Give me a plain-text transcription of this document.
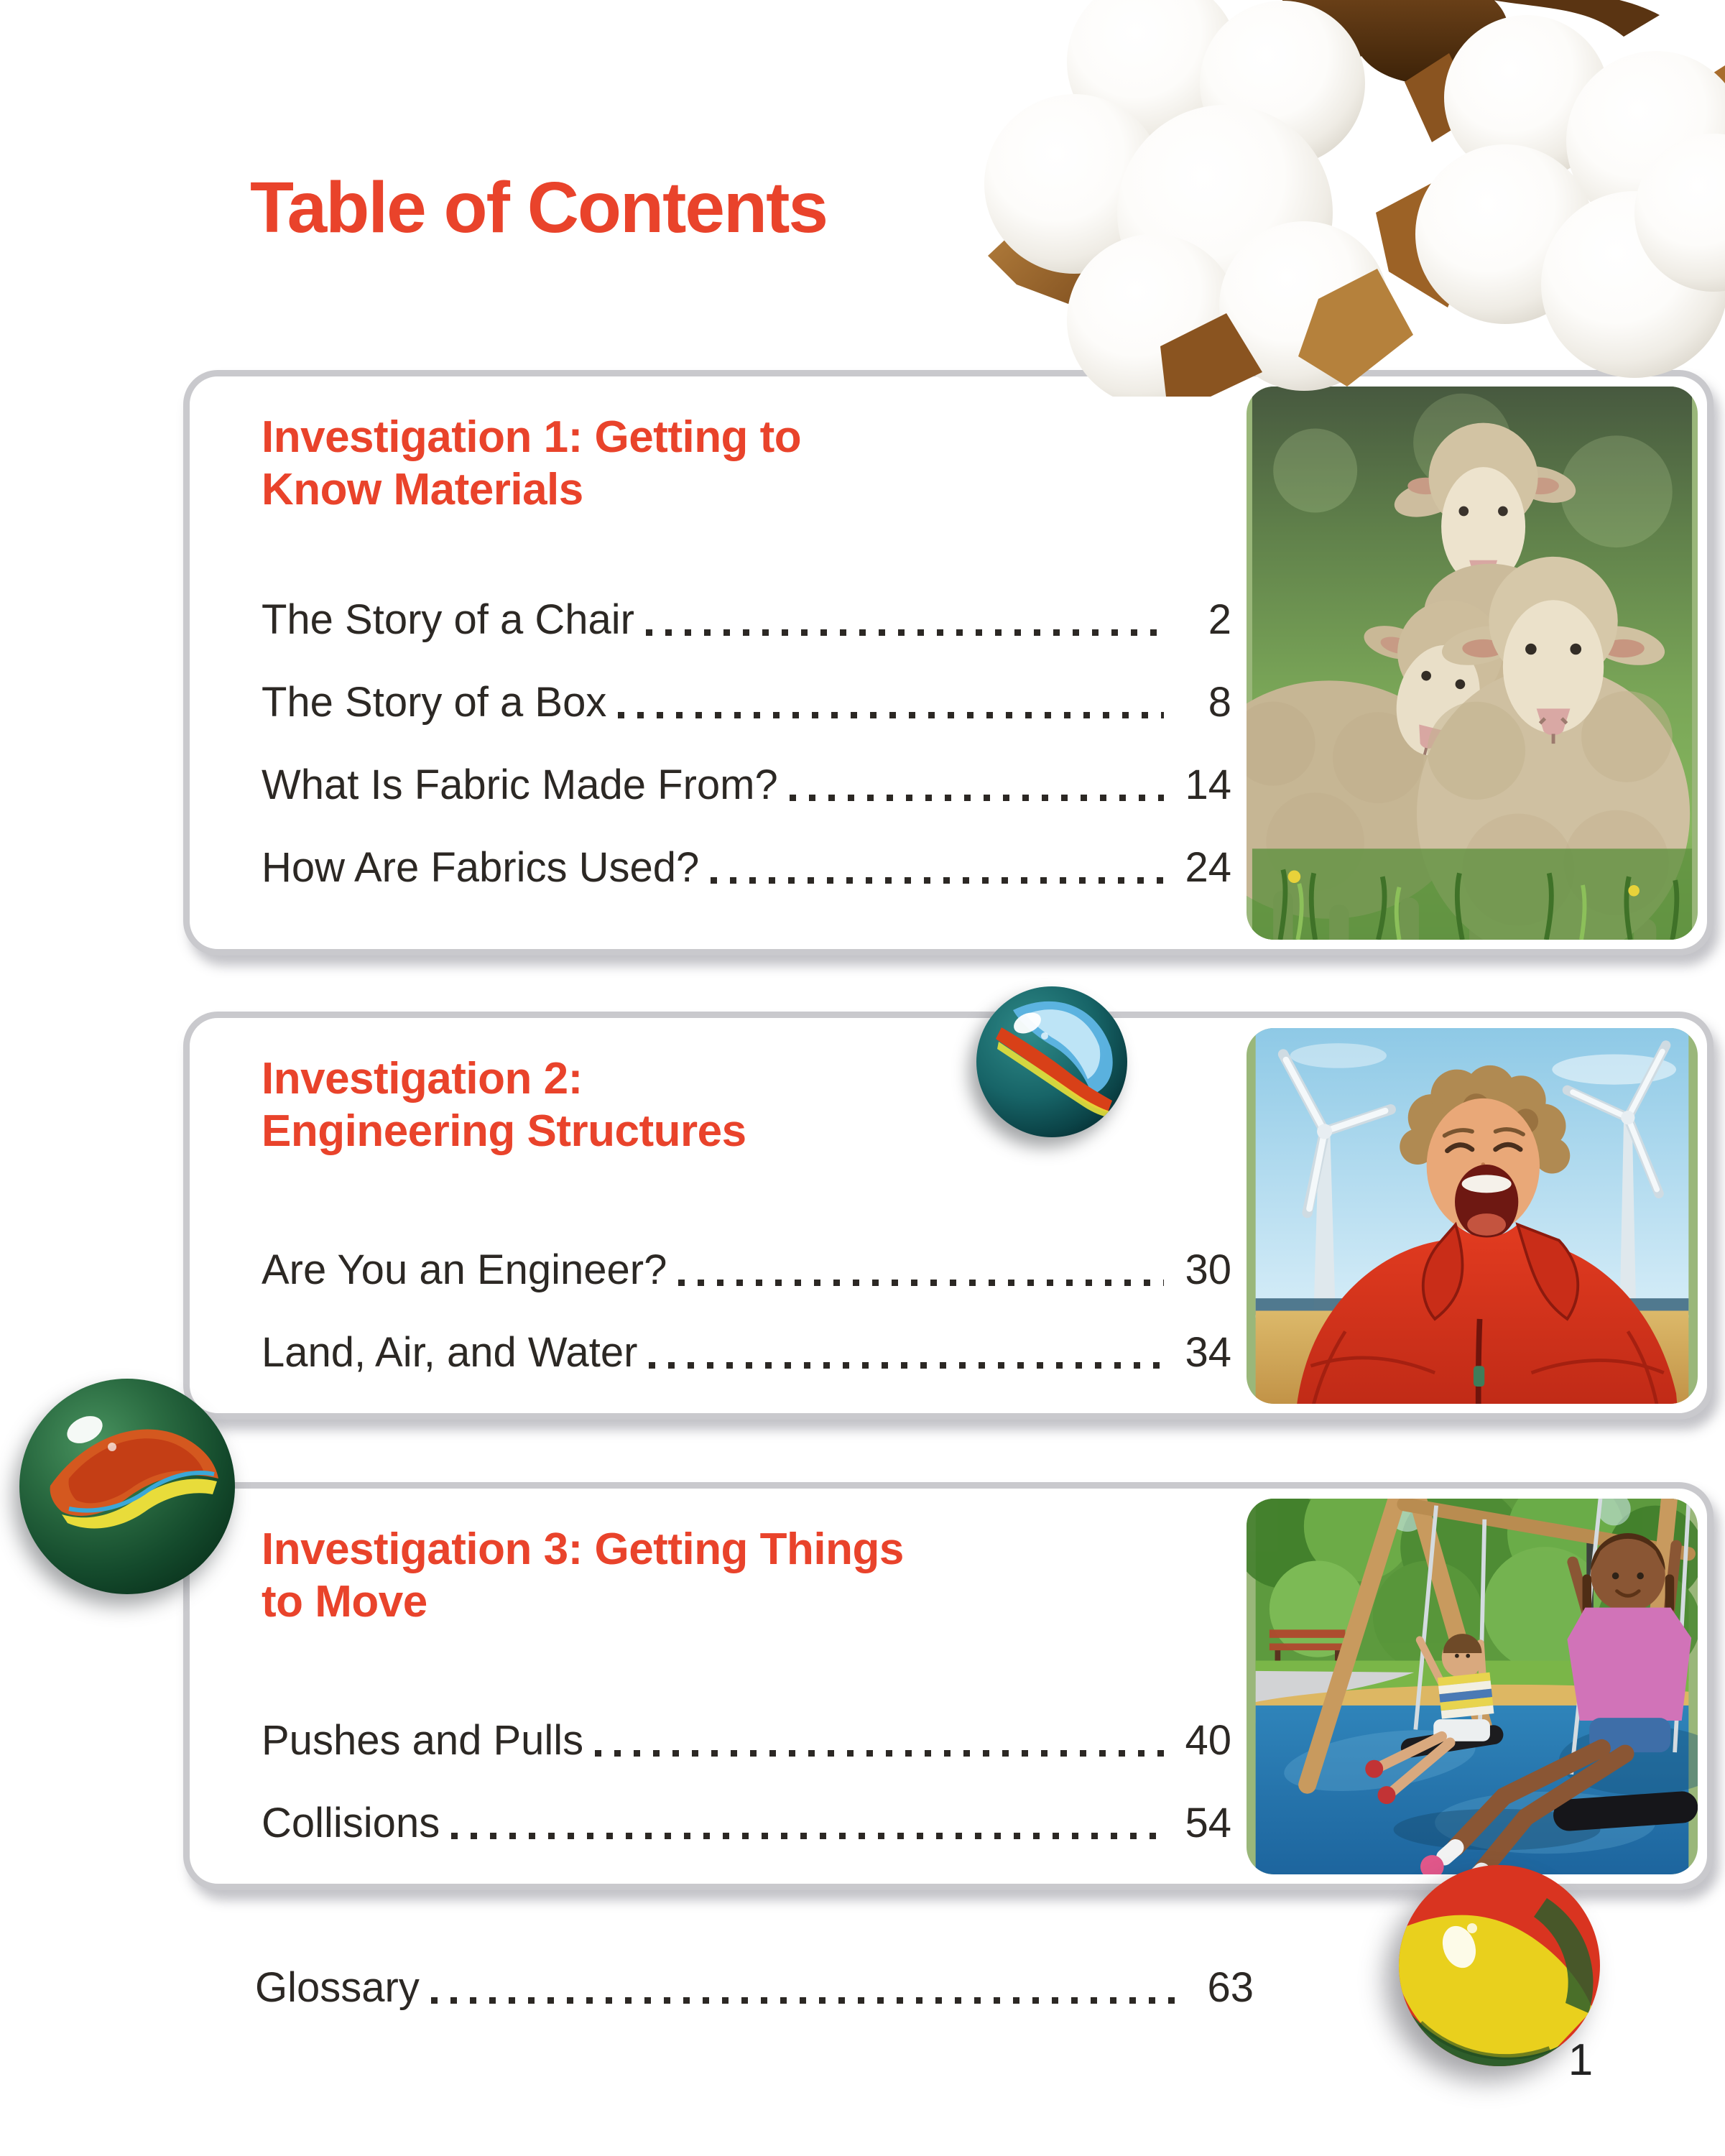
Table of Contents
Investigation 1: Getting to
Know Materials
The Story of a Chair	2
The Story of a Box	8
What Is Fabric Made From?	14
How Are Fabrics Used?	24
Investigation 2:
Engineering Structures
Are You an Engineer?	30
Land, Air, and Water	34
Investigation 3: Getting Things
to Move
Pushes and Pulls	40
Collisions	54
Glossary	63
1
